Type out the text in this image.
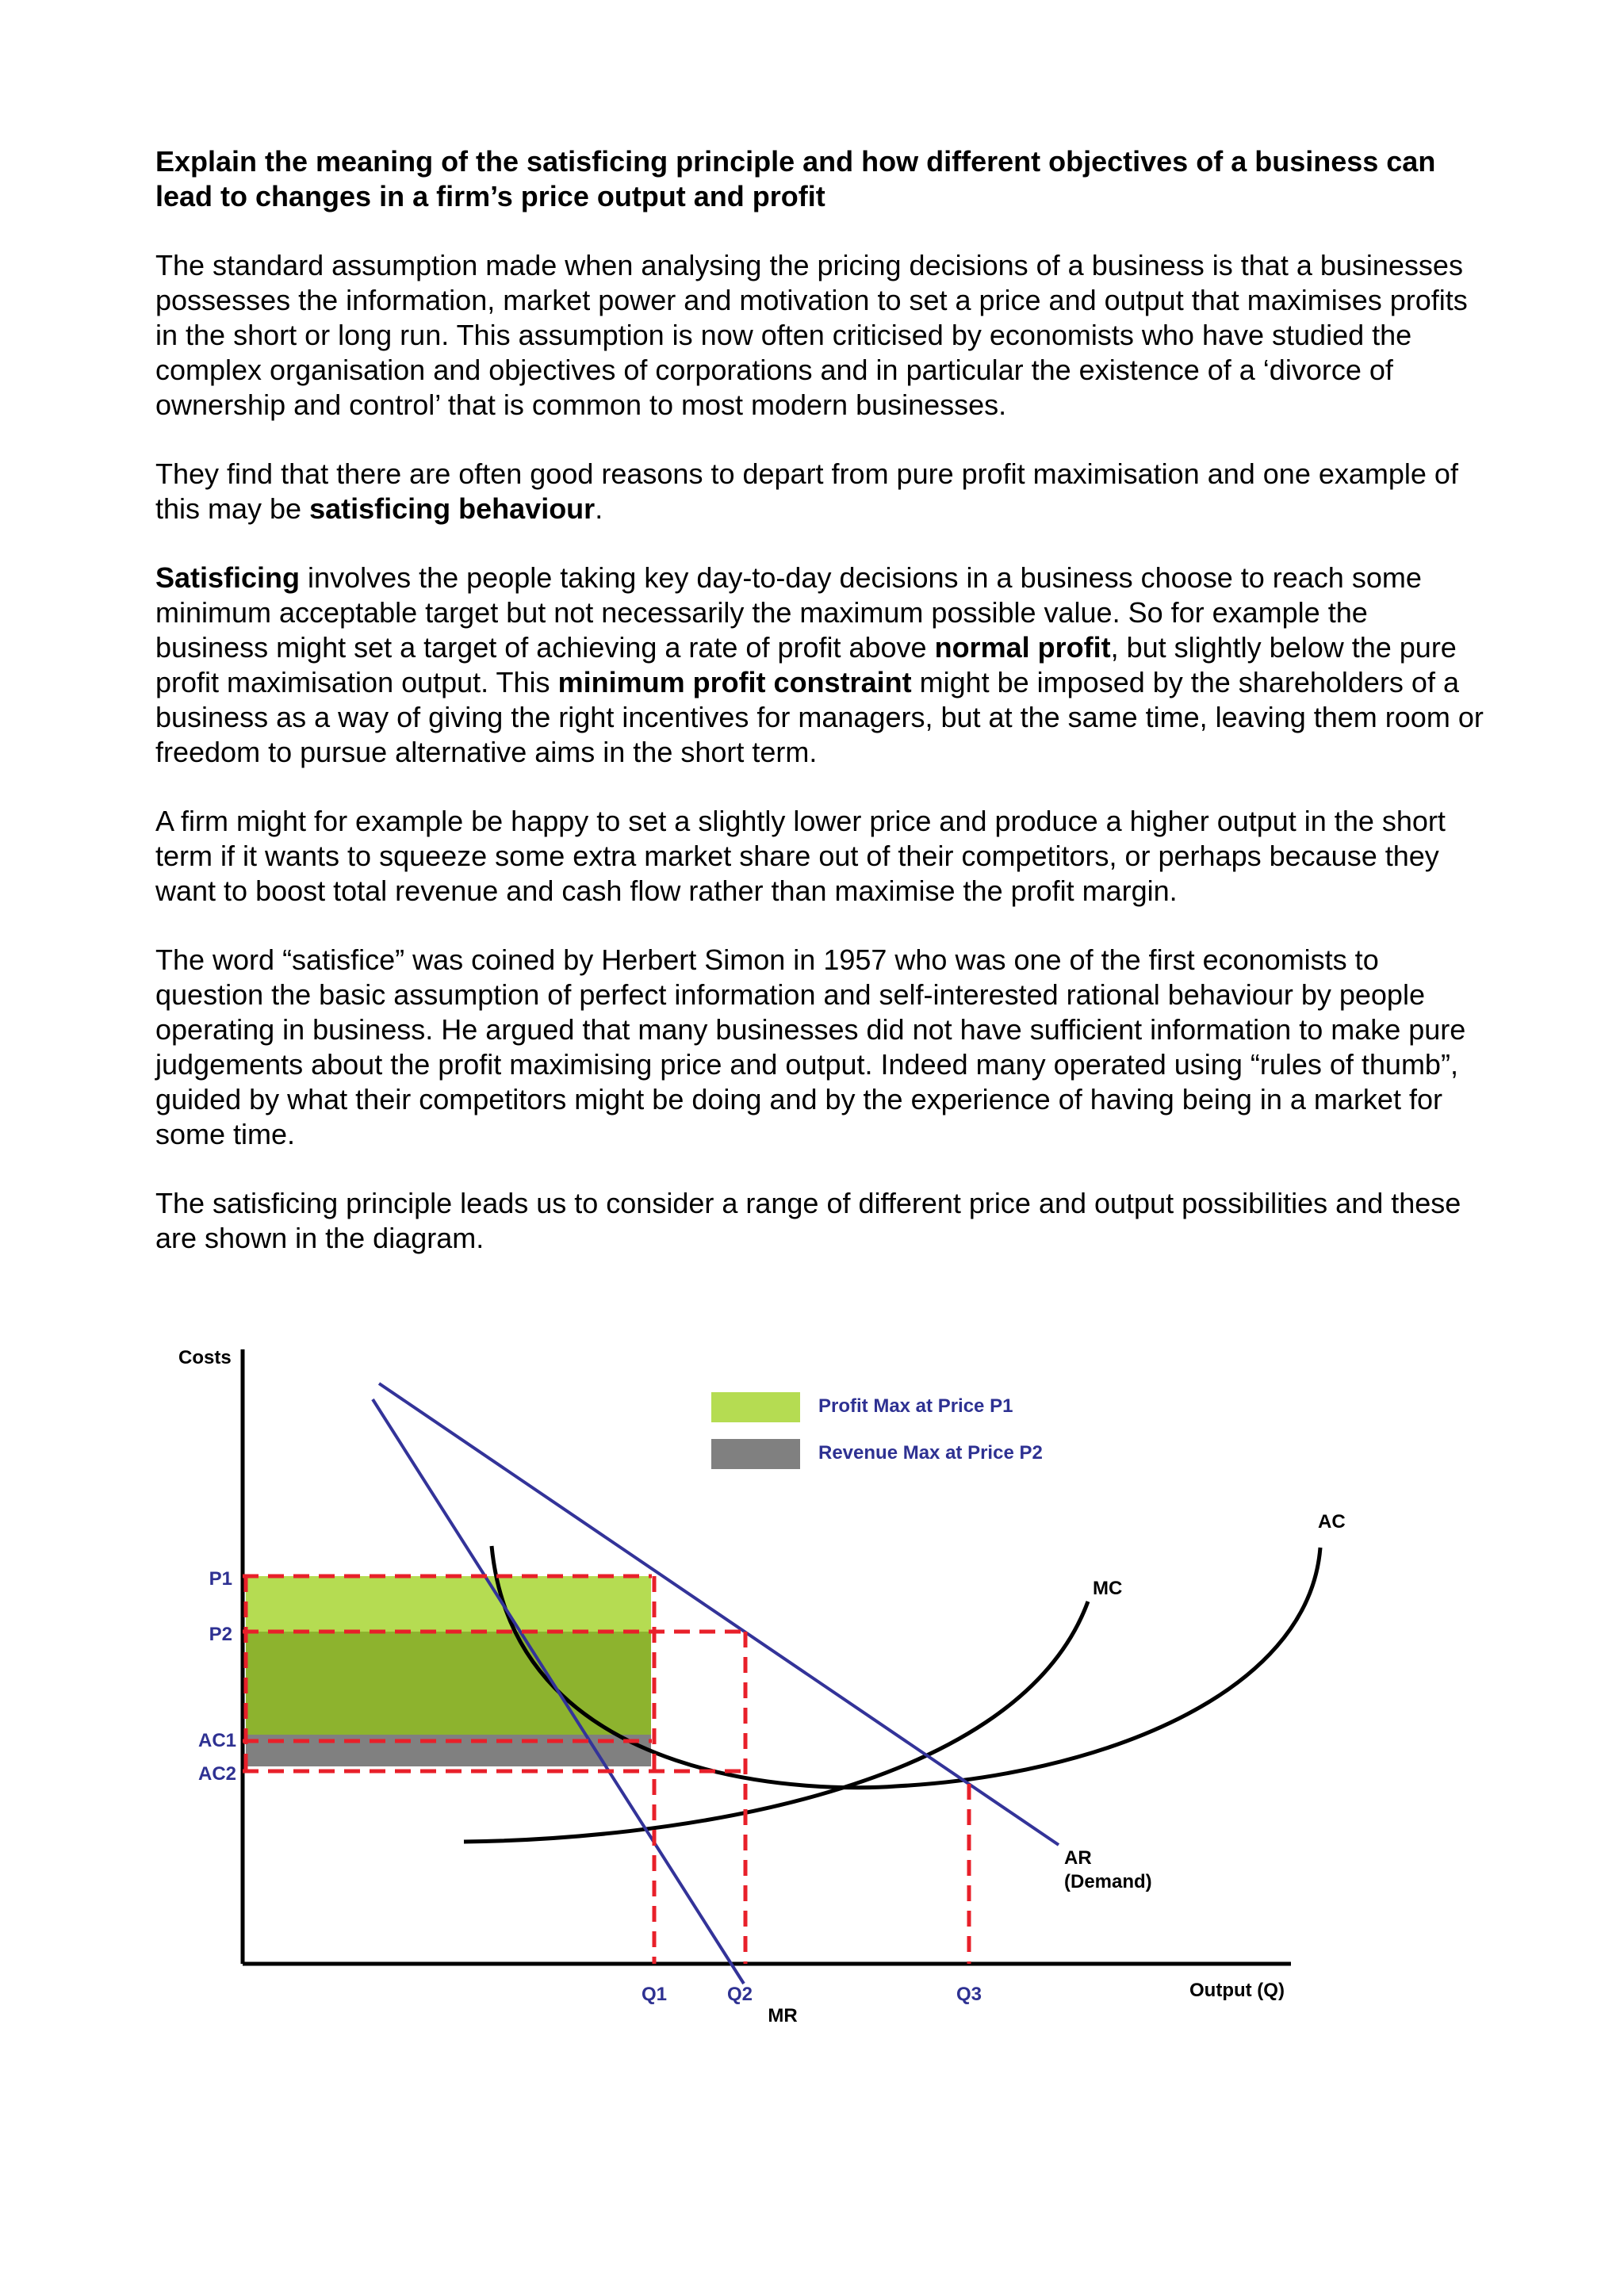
Explain the meaning of the satisficing principle and how different objectives of a business can lead to changes in a firm’s price output and profit
The standard assumption made when analysing the pricing decisions of a business is that a businesses possesses the information, market power and motivation to set a price and output that maximises profits in the short or long run. This assumption is now often criticised by economists who have studied the complex organisation and objectives of corporations and in particular the existence of a ‘divorce of ownership and control’ that is common to most modern businesses.
They find that there are often good reasons to depart from pure profit maximisation and one example of this may be satisficing behaviour.
Satisficing involves the people taking key day-to-day decisions in a business choose to reach some minimum acceptable target but not necessarily the maximum possible value. So for example the business might set a target of achieving a rate of profit above normal profit, but slightly below the pure profit maximisation output. This minimum profit constraint might be imposed by the shareholders of a business as a way of giving the right incentives for managers, but at the same time, leaving them room or freedom to pursue alternative aims in the short term.
A firm might for example be happy to set a slightly lower price and produce a higher output in the short term if it wants to squeeze some extra market share out of their competitors, or perhaps because they want to boost total revenue and cash flow rather than maximise the profit margin.
The word “satisfice” was coined by Herbert Simon in 1957 who was one of the first economists to question the basic assumption of perfect information and self-interested rational behaviour by people operating in business. He argued that many businesses did not have sufficient information to make pure judgements about the profit maximising price and output. Indeed many operated using “rules of thumb”, guided by what their competitors might be doing and by the experience of having being in a market for some time.
The satisficing principle leads us to consider a range of different price and output possibilities and these are shown in the diagram.
Profit Max at Price P1
Revenue Max at Price P2
Costs
Output (Q)
P1
P2
AC1
AC2
Q1	Q2	Q3
MR
MC
AC
AR
(Demand)
